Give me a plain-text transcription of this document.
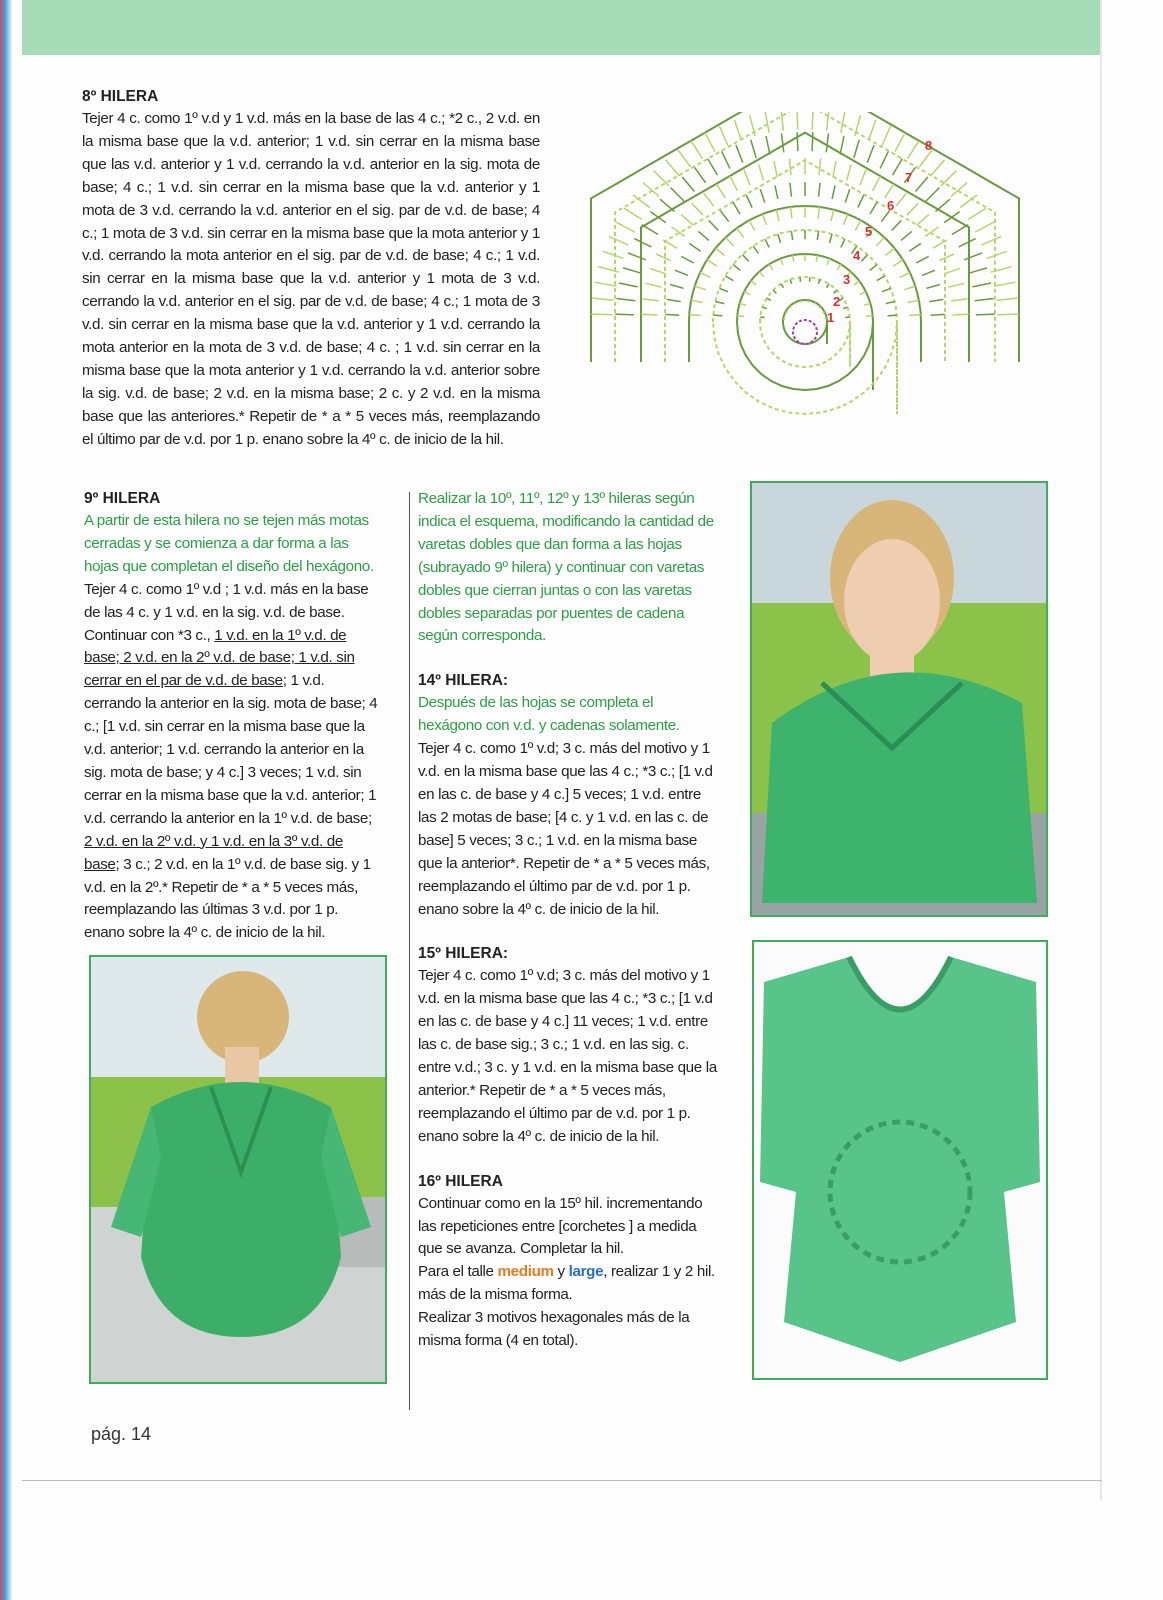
8º HILERA

Tejer 4 c. como 1º v.d y 1 v.d. más en la base de las 4 c.; *2 c., 2 v.d. en la misma base que la v.d. anterior; 1 v.d. sin cerrar en la misma base que las v.d. anterior y 1 v.d. cerrando la v.d. anterior en la sig. mota de base; 4 c.; 1 v.d. sin cerrar en la misma base que la v.d. anterior y 1 mota de 3 v.d. cerrando la v.d. anterior en el sig. par de v.d. de base; 4 c.; 1 mota de 3 v.d. sin cerrar en la misma base que la mota anterior y 1 v.d. cerrando la mota anterior en el sig. par de v.d. de base; 4 c.; 1 v.d. sin cerrar en la misma base que la v.d. anterior y 1 mota de 3 v.d. cerrando la v.d. anterior en el sig. par de v.d. de base; 4 c.; 1 mota de 3 v.d. sin cerrar en la misma base que la v.d. anterior y 1 v.d. cerrando la mota anterior en la mota de 3 v.d. de base; 4 c. ; 1 v.d. sin cerrar en la misma base que la mota anterior y 1 v.d. cerrando la v.d. anterior sobre la sig. v.d. de base; 2 v.d. en la misma base; 2 c. y 2 v.d. en la misma base que las anteriores.* Repetir de * a * 5 veces más, reemplazando el último par de v.d. por 1 p. enano sobre la 4º c. de inicio de la hil.

1
2
3
4
5
6
7
8
9º HILERA

A partir de esta hilera no se tejen más motas cerradas y se comienza a dar forma a las hojas que completan el diseño del hexágono.

Tejer 4 c. como 1º v.d ; 1 v.d. más en la base de las 4 c. y 1 v.d. en la sig. v.d. de base. Continuar con *3 c., 1 v.d. en la 1º v.d. de base; 2 v.d. en la 2º v.d. de base; 1 v.d. sin cerrar en el par de v.d. de base; 1 v.d. cerrando la anterior en la sig. mota de base; 4 c.; [1 v.d. sin cerrar en la misma base que la v.d. anterior; 1 v.d. cerrando la anterior en la sig. mota de base; y 4 c.] 3 veces; 1 v.d. sin cerrar en la misma base que la v.d. anterior; 1 v.d. cerrando la anterior en la 1º v.d. de base; 2 v.d. en la 2º v.d. y 1 v.d. en la 3º v.d. de base; 3 c.; 2 v.d. en la 1º v.d. de base sig. y 1 v.d. en la 2º.* Repetir de * a * 5 veces más, reemplazando las últimas 3 v.d. por 1 p. enano sobre la 4º c. de inicio de la hil.

Realizar la 10º, 11º, 12º y 13º hileras según indica el esquema, modificando la cantidad de varetas dobles que dan forma a las hojas (subrayado 9º hilera) y continuar con varetas dobles que cierran juntas o con las varetas dobles separadas por puentes de cadena según corresponda.

14º HILERA:

Después de las hojas se completa el hexágono con v.d. y cadenas solamente.

Tejer 4 c. como 1º v.d; 3 c. más del motivo y 1 v.d. en la misma base que las 4 c.; *3 c.; [1 v.d en las c. de base y 4 c.] 5 veces; 1 v.d. entre las 2 motas de base; [4 c. y 1 v.d. en las c. de base] 5 veces; 3 c.; 1 v.d. en la misma base que la anterior*. Repetir de * a * 5 veces más, reemplazando el último par de v.d. por 1 p. enano sobre la 4º c. de inicio de la hil.

15º HILERA:

Tejer 4 c. como 1º v.d; 3 c. más del motivo y 1 v.d. en la misma base que las 4 c.; *3 c.; [1 v.d en las c. de base y 4 c.] 11 veces; 1 v.d. entre las c. de base sig.; 3 c.; 1 v.d. en las sig. c. entre v.d.; 3 c. y 1 v.d. en la misma base que la anterior.* Repetir de * a * 5 veces más, reemplazando el último par de v.d. por 1 p. enano sobre la 4º c. de inicio de la hil.

16º HILERA

Continuar como en la 15º hil. incrementando las repeticiones entre [corchetes ] a medida que se avanza. Completar la hil.

Para el talle medium y large, realizar 1 y 2 hil. más de la misma forma.

Realizar 3 motivos hexagonales más de la misma forma (4 en total).

pág. 14
